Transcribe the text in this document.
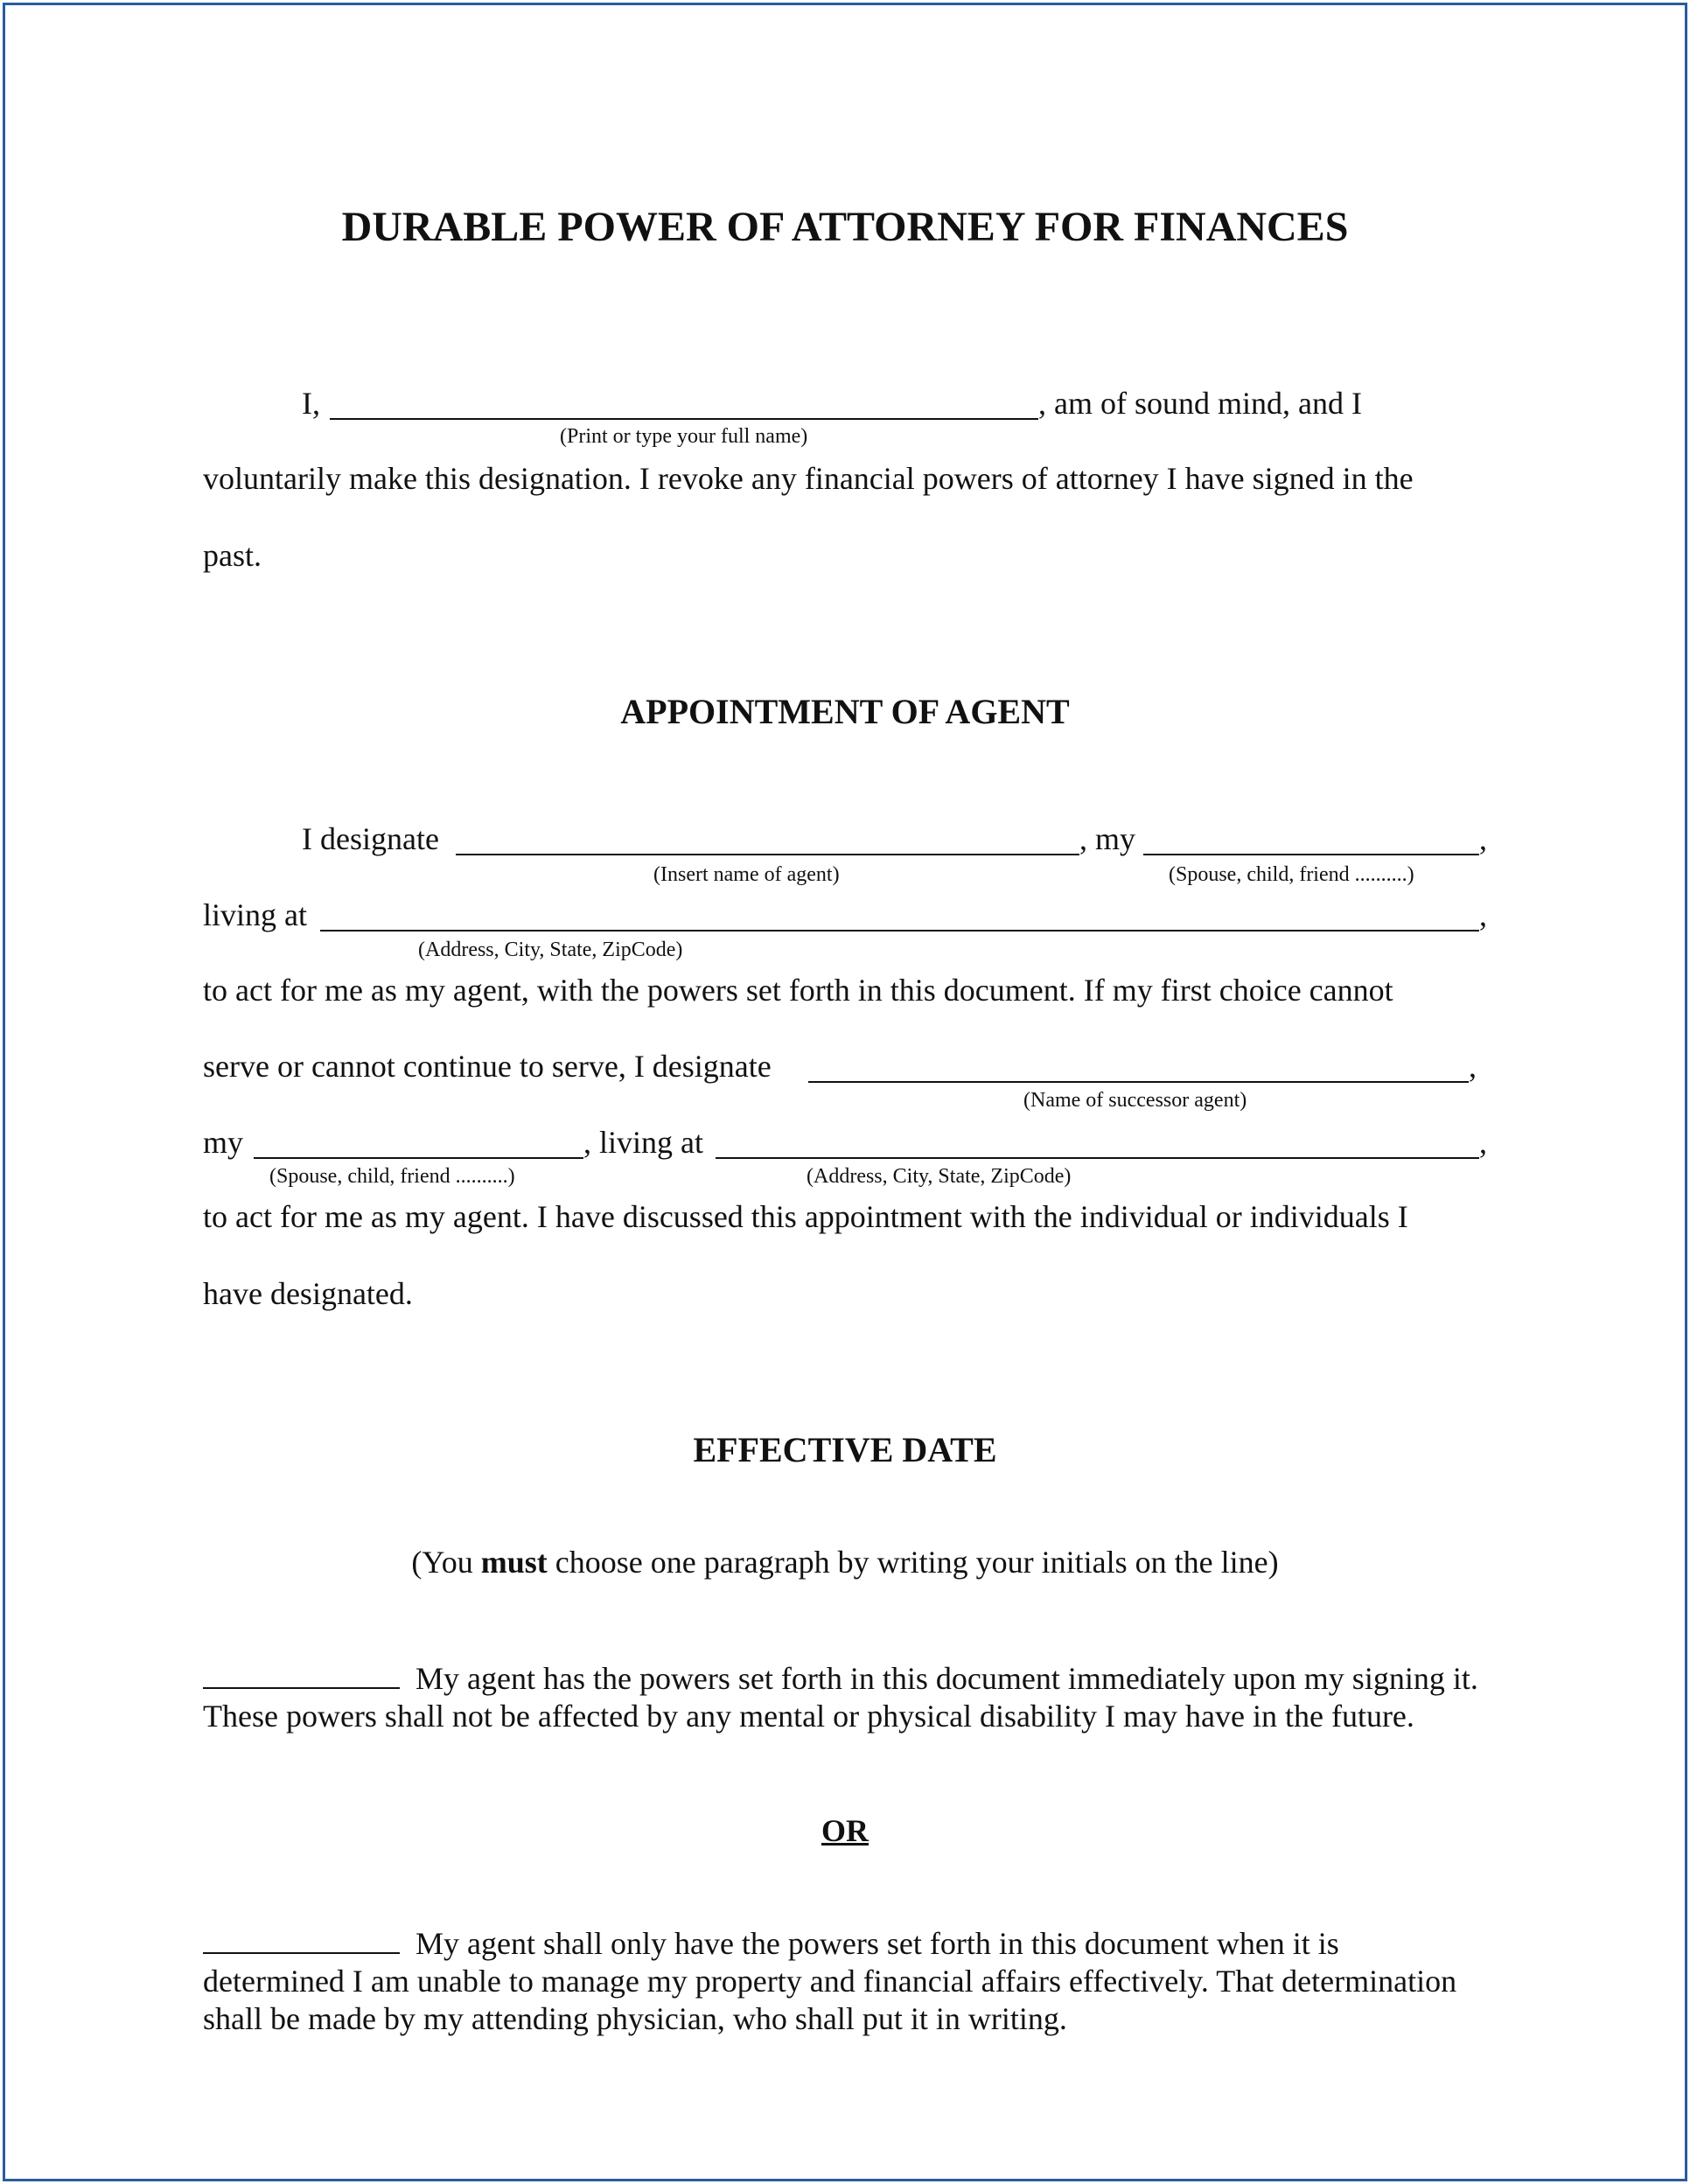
DURABLE POWER OF ATTORNEY FOR FINANCES
I,	, am of sound mind, and I
(Print or type your full name)
voluntarily make this designation. I revoke any financial powers of attorney I have signed in the
past.
APPOINTMENT OF AGENT
I designate	, my	,
(Insert name of agent)	(Spouse, child, friend ..........)
living at	,
(Address, City, State, ZipCode)
to act for me as my agent, with the powers set forth in this document. If my first choice cannot
serve or cannot continue to serve, I designate	,
(Name of successor agent)
my	, living at	,
(Spouse, child, friend ..........)	(Address, City, State, ZipCode)
to act for me as my agent. I have discussed this appointment with the individual or individuals I
have designated.
EFFECTIVE DATE
(You must choose one paragraph by writing your initials on the line)
My agent has the powers set forth in this document immediately upon my signing it. These powers shall not be affected by any mental or physical disability I may have in the future.
OR
My agent shall only have the powers set forth in this document when it is determined I am unable to manage my property and financial affairs effectively. That determination shall be made by my attending physician, who shall put it in writing.
